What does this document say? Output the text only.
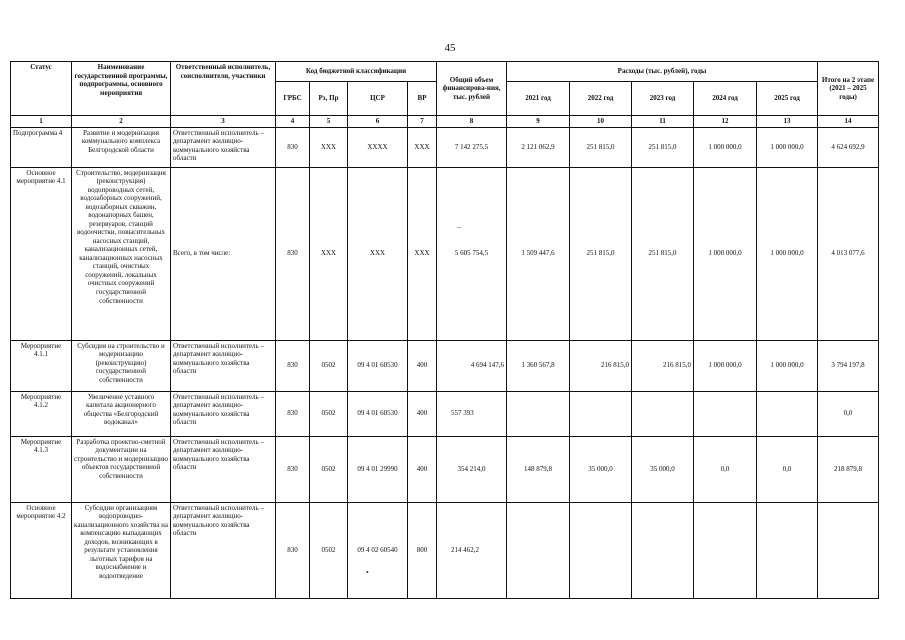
45
Статус	Наименование государственной программы, подпрограммы, основного мероприятия	Ответственный исполнитель, соисполнители, участники	Код бюджетной классификации				Общий объем финансирова-ния, тыс. рублей	Расходы (тыс. рублей), годы					Итого на 2 этапе (2021 – 2025 годы)
			ГРБС	Рз, Пр	ЦСР	ВР		2021 год	2022 год	2023 год	2024 год	2025 год	
1	2	3	4	5	6	7	8	9	10	11	12	13	14
Подпрограмма 4	Развитие и модернизация коммунального комплекса Белгородской области	Ответственный исполнитель – департамент жилищно-коммунального хозяйства области	830	XXX	XXXX	XXX	7 142 275,5	2 121 062,9	251 815,0	251 815,0	1 000 000,0	1 000 000,0	4 624 692,9
Основное мероприятие 4.1	Строительство, модернизация (реконструкция) водопроводных сетей, водозаборных сооружений, водозаборных скважин, водонапорных башен, резервуаров, станций водоочистки, повысительных насосных станций, канализационных сетей, канализационных насосных станций, очистных сооружений, локальных очистных сооружений государственной собственности	Всего, в том числе:	830	XXX	XXX	XXX	5 605 754,5	1 509 447,6	251 815,0	251 815,0	1 000 000,0	1 000 000,0	4 013 077,6
Мероприятие 4.1.1	Субсидия на строительство и модернизацию (реконструкцию) государственной собственности	Ответственный исполнитель – департамент жилищно-коммунального хозяйства области	830	0502	09 4 01 60530	400	4 694 147,6	1 360 567,8	216 815,0	216 815,0	1 000 000,0	1 000 000,0	3 794 197,8
Мероприятие 4.1.2	Увеличение уставного капитала акционерного общества «Белгородский водоканал»	Ответственный исполнитель – департамент жилищно-коммунального хозяйства области	830	0502	09 4 01 60530	400	557 393						0,0
Мероприятие 4.1.3	Разработка проектно-сметной документации на строительство и модернизацию объектов государственной собственности	Ответственный исполнитель – департамент жилищно-коммунального хозяйства области	830	0502	09 4 01 29990	400	354 214,0	148 879,8	35 000,0	35 000,0	0,0	0,0	218 879,8
Основное мероприятие 4.2	Субсидии организациям водопроводно-канализационного хозяйства на компенсацию выпадающих доходов, возникающих в результате установления льготных тарифов на водоснабжение и водоотведение	Ответственный исполнитель – департамент жилищно-коммунального хозяйства области	830	0502	09 4 02 60540	800	214 462,2						
–
•
